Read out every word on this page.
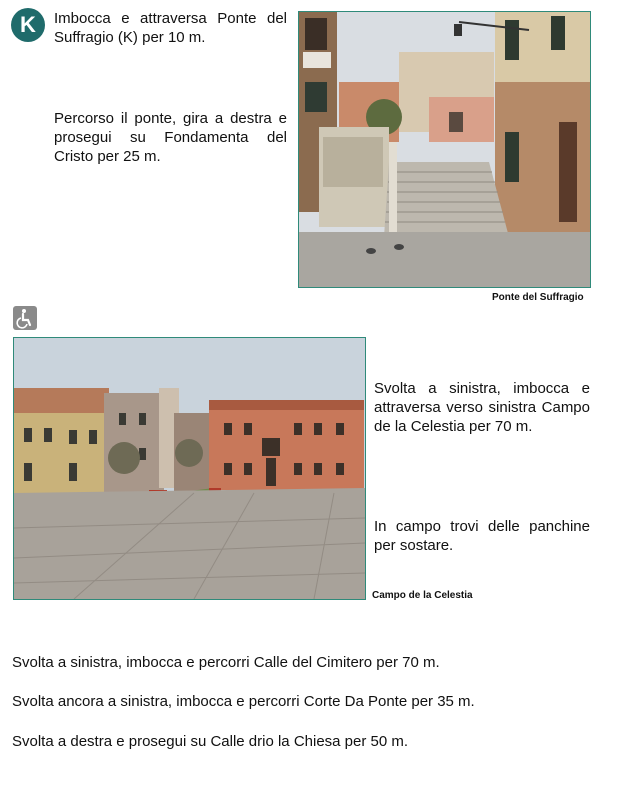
K	Imbocca e attraversa Ponte del Suffragio (K) per 10 m.
Percorso il ponte, gira a destra e prosegui su Fondamenta del Cristo per 25 m.
Ponte del Suffragio
Campo de la Celestia
Svolta a sinistra, imbocca e attraversa verso sinistra Campo de la Celestia per 70 m.
In campo trovi delle panchine per sostare.
Svolta a sinistra, imbocca e percorri Calle del Cimitero per 70 m.
Svolta ancora a sinistra, imbocca e percorri Corte Da Ponte per 35 m.
Svolta a destra e prosegui su Calle drio la Chiesa per 50 m.
